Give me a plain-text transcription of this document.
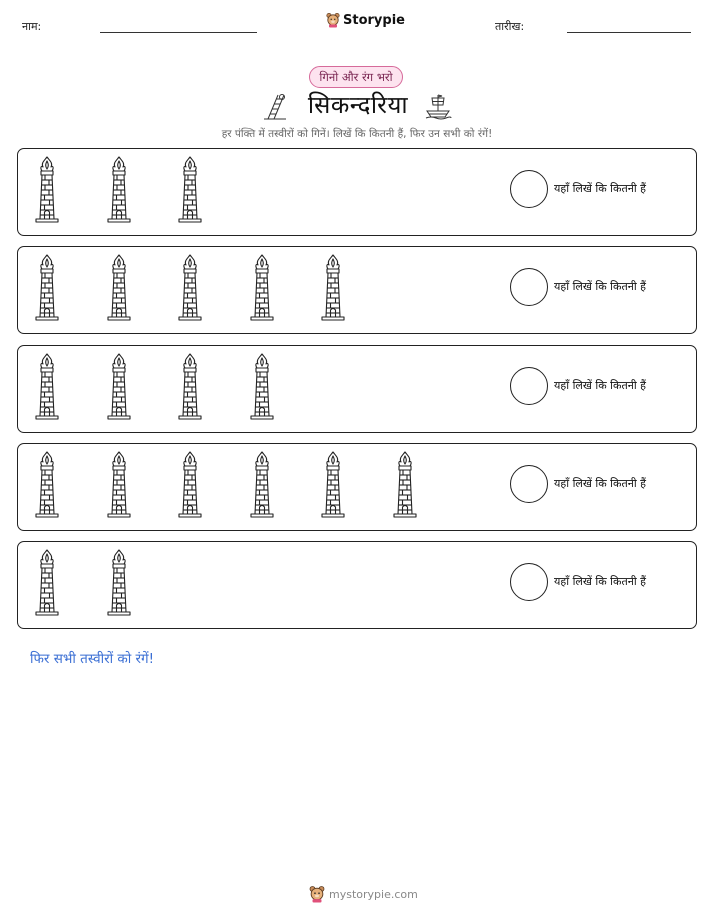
नाम:	Storypie	तारीख:
गिनो और रंग भरो
सिकन्दरिया
हर पंक्ति में तस्वीरों को गिनें। लिखें कि कितनी हैं, फिर उन सभी को रंगें!
यहाँ लिखें कि कितनी हैं
यहाँ लिखें कि कितनी हैं
यहाँ लिखें कि कितनी हैं
यहाँ लिखें कि कितनी हैं
यहाँ लिखें कि कितनी हैं
फिर सभी तस्वीरों को रंगें!
mystorypie.com
